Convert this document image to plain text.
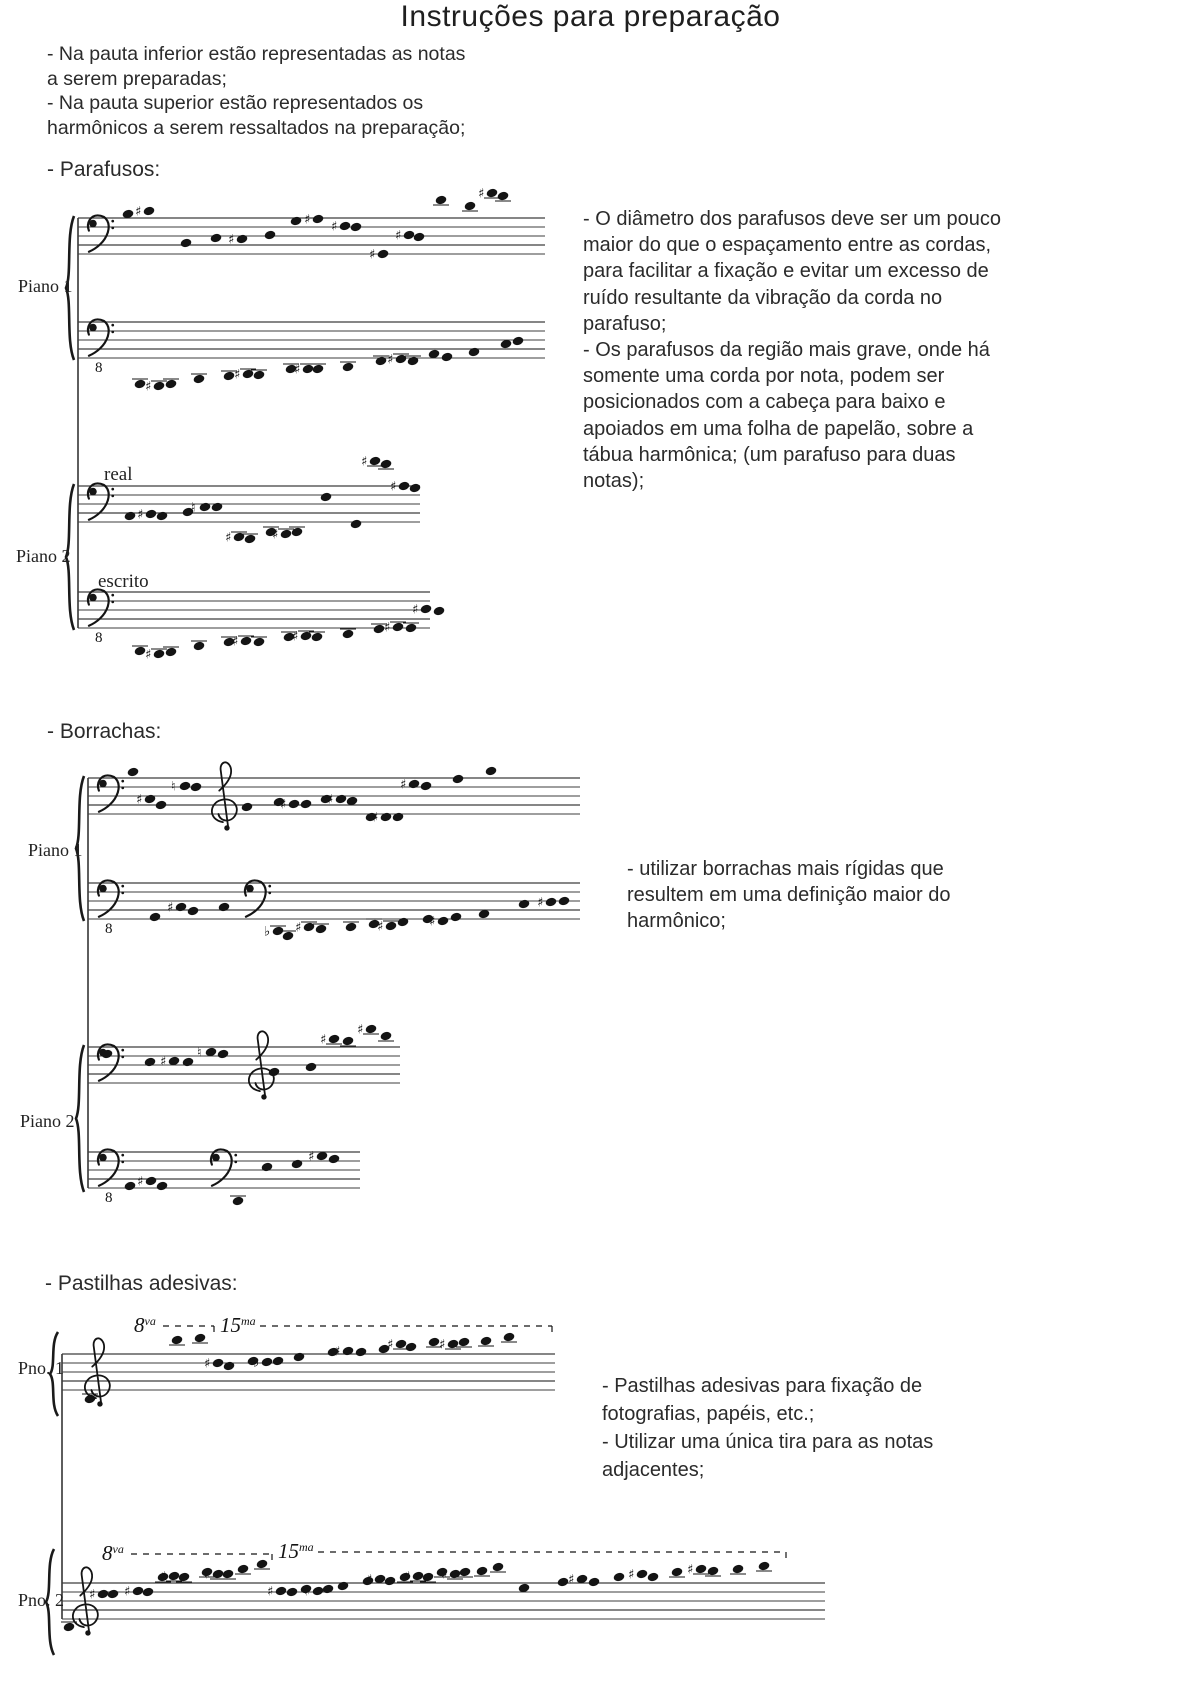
Instruções para preparação
- Na pauta inferior estão representadas as notas
a serem preparadas;
- Na pauta superior estão representados os
harmônicos a serem ressaltados na preparação;
- Parafusos:
- O diâmetro dos parafusos deve ser um pouco
maior do que o espaçamento entre as cordas,
para facilitar a fixação e evitar um excesso de
ruído resultante da vibração da corda no
parafuso;
- Os parafusos da região mais grave, onde há
somente uma corda por nota, podem ser
posicionados com a cabeça para baixo e
apoiados em uma folha de papelão, sobre a
tábua harmônica; (um parafuso para duas
notas);
- Borrachas:
- utilizar borrachas mais rígidas que
resultem em uma definição maior do
harmônico;
- Pastilhas adesivas:
- Pastilhas adesivas para fixação de
fotografias, papéis, etc.;
- Utilizar uma única tira para as notas
adjacentes;
♯
♯
♯ ♯
♯
♯
♯
8
♯
♯	♯
♯
♯	♮
♯	♯
♯
♯
8
♯
♯	♯
♯
♯
♯
♮
♯	♯
♯
♯
8
♯
♭ ♯	♯	♯
♯
♯
♮
♯
♯
8
♯
♯
♯	♭
♯	♯	♯
♯ ♯
♯	♯
♯ ♯
♯ ♯ ♯	♯	♯	♯
$8^{va}$	$15^{ma}$
$8^{va}$	$15^{ma}$
Piano 1
real
Piano 2
escrito
Piano 1
Piano 2
Pno. 1
Pno. 2
